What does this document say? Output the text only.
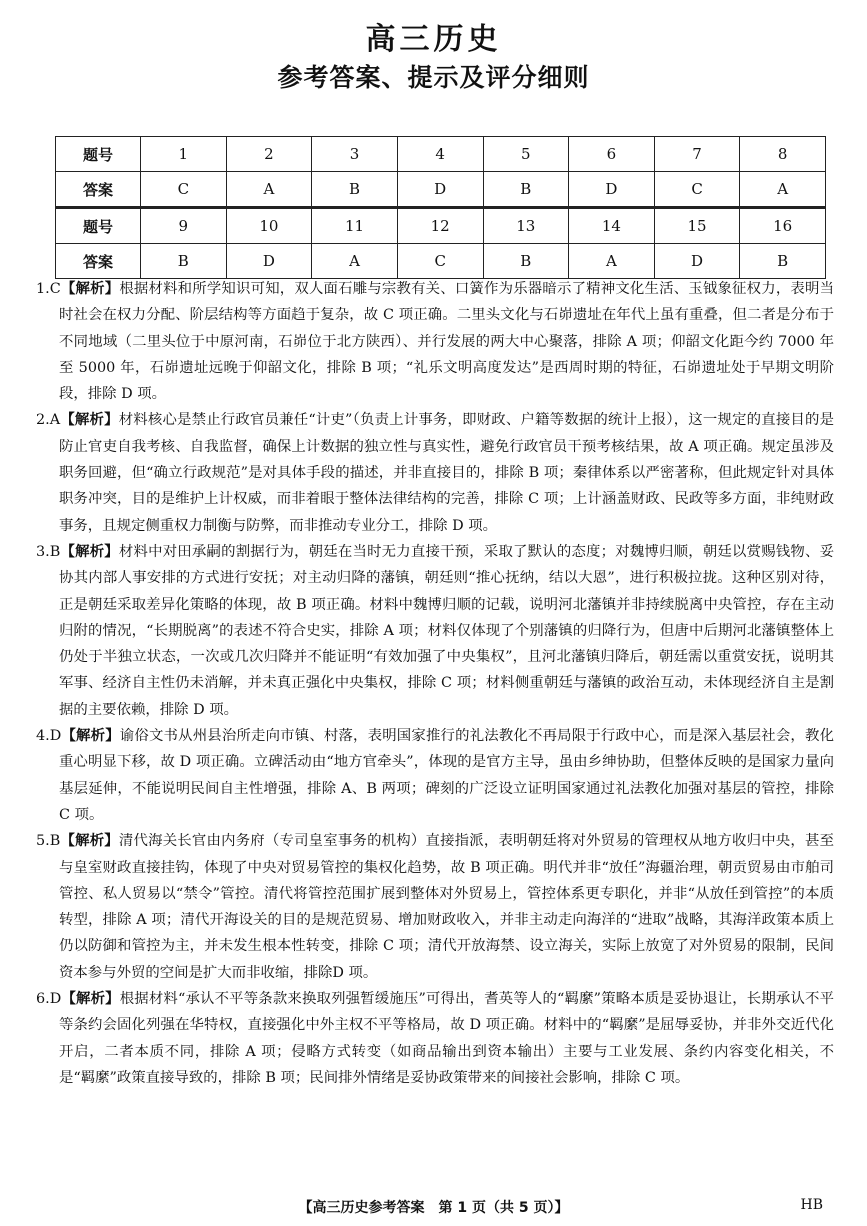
高三历史
参考答案、提示及评分细则
题号	1	2	3	4	5	6	7	8
答案	C	A	B	D	B	D	C	A
题号	9	10	11	12	13	14	15	16
答案	B	D	A	C	B	A	D	B

1.C【解析】根据材料和所学知识可知，双人面石雕与宗教有关、口簧作为乐器暗示了精神文化生活、玉钺象征权力，表明当时社会在权力分配、阶层结构等方面趋于复杂，故 C 项正确。二里头文化与石峁遗址在年代上虽有重叠，但二者是分布于不同地域（二里头位于中原河南，石峁位于北方陕西）、并行发展的两大中心聚落，排除 A 项；仰韶文化距今约 7000 年至 5000 年，石峁遗址远晚于仰韶文化，排除 B 项；“礼乐文明高度发达”是西周时期的特征，石峁遗址处于早期文明阶段，排除 D 项。

2.A【解析】材料核心是禁止行政官员兼任“计吏”（负责上计事务，即财政、户籍等数据的统计上报），这一规定的直接目的是防止官吏自我考核、自我监督，确保上计数据的独立性与真实性，避免行政官员干预考核结果，故 A 项正确。规定虽涉及职务回避，但“确立行政规范”是对具体手段的描述，并非直接目的，排除 B 项；秦律体系以严密著称，但此规定针对具体职务冲突，目的是维护上计权威，而非着眼于整体法律结构的完善，排除 C 项；上计涵盖财政、民政等多方面，非纯财政事务，且规定侧重权力制衡与防弊，而非推动专业分工，排除 D 项。

3.B【解析】材料中对田承嗣的割据行为，朝廷在当时无力直接干预，采取了默认的态度；对魏博归顺，朝廷以赏赐钱物、妥协其内部人事安排的方式进行安抚；对主动归降的藩镇，朝廷则“推心抚纳，结以大恩”，进行积极拉拢。这种区别对待，正是朝廷采取差异化策略的体现，故 B 项正确。材料中魏博归顺的记载，说明河北藩镇并非持续脱离中央管控，存在主动归附的情况，“长期脱离”的表述不符合史实，排除 A 项；材料仅体现了个别藩镇的归降行为，但唐中后期河北藩镇整体上仍处于半独立状态，一次或几次归降并不能证明“有效加强了中央集权”，且河北藩镇归降后，朝廷需以重赏安抚，说明其军事、经济自主性仍未消解，并未真正强化中央集权，排除 C 项；材料侧重朝廷与藩镇的政治互动，未体现经济自主是割据的主要依赖，排除 D 项。

4.D【解析】谕俗文书从州县治所走向市镇、村落，表明国家推行的礼法教化不再局限于行政中心，而是深入基层社会，教化重心明显下移，故 D 项正确。立碑活动由“地方官牵头”，体现的是官方主导，虽由乡绅协助，但整体反映的是国家力量向基层延伸，不能说明民间自主性增强，排除 A、B 两项；碑刻的广泛设立证明国家通过礼法教化加强对基层的管控，排除 C 项。

5.B【解析】清代海关长官由内务府（专司皇室事务的机构）直接指派，表明朝廷将对外贸易的管理权从地方收归中央，甚至与皇室财政直接挂钩，体现了中央对贸易管控的集权化趋势，故 B 项正确。明代并非“放任”海疆治理，朝贡贸易由市舶司管控、私人贸易以“禁令”管控。清代将管控范围扩展到整体对外贸易上，管控体系更专职化，并非“从放任到管控”的本质转型，排除 A 项；清代开海设关的目的是规范贸易、增加财政收入，并非主动走向海洋的“进取”战略，其海洋政策本质上仍以防御和管控为主，并未发生根本性转变，排除 C 项；清代开放海禁、设立海关，实际上放宽了对外贸易的限制，民间资本参与外贸的空间是扩大而非收缩，排除D 项。

6.D【解析】根据材料“承认不平等条款来换取列强暂缓施压”可得出，耆英等人的“羁縻”策略本质是妥协退让，长期承认不平等条约会固化列强在华特权，直接强化中外主权不平等格局，故 D 项正确。材料中的“羁縻”是屈辱妥协，并非外交近代化开启，二者本质不同，排除 A 项；侵略方式转变（如商品输出到资本输出）主要与工业发展、条约内容变化相关，不是“羁縻”政策直接导致的，排除 B 项；民间排外情绪是妥协政策带来的间接社会影响，排除 C 项。

【高三历史参考答案　第 1 页（共 5 页）】	HB
